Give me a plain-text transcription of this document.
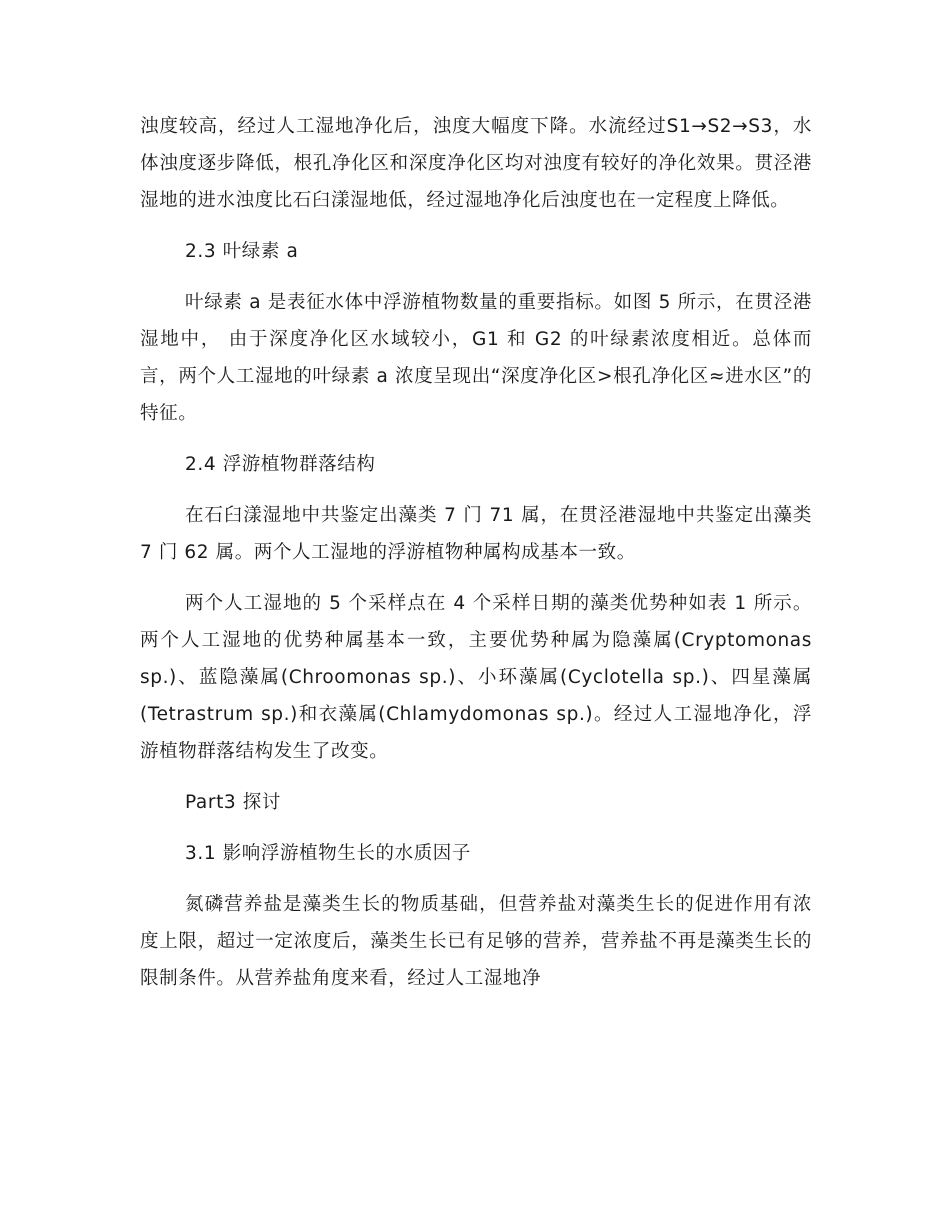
浊度较高，经过人工湿地净化后，浊度大幅度下降。水流经过S1→S2→S3，水体浊度逐步降低，根孔净化区和深度净化区均对浊度有较好的净化效果。贯泾港湿地的进水浊度比石臼漾湿地低，经过湿地净化后浊度也在一定程度上降低。

2.3 叶绿素 a

叶绿素 a 是表征水体中浮游植物数量的重要指标。如图 5 所示，在贯泾港湿地中， 由于深度净化区水域较小，G1 和 G2 的叶绿素浓度相近。总体而言，两个人工湿地的叶绿素 a 浓度呈现出“深度净化区>根孔净化区≈进水区”的特征。

2.4 浮游植物群落结构

在石臼漾湿地中共鉴定出藻类 7 门 71 属，在贯泾港湿地中共鉴定出藻类 7 门 62 属。两个人工湿地的浮游植物种属构成基本一致。

两个人工湿地的 5 个采样点在 4 个采样日期的藻类优势种如表 1 所示。两个人工湿地的优势种属基本一致，主要优势种属为隐藻属(Cryptomonas sp.)、蓝隐藻属(Chroomonas sp.)、小环藻属(Cyclotella sp.)、四星藻属(Tetrastrum sp.)和衣藻属(Chlamydomonas sp.)。经过人工湿地净化，浮游植物群落结构发生了改变。

Part3 探讨

3.1 影响浮游植物生长的水质因子

氮磷营养盐是藻类生长的物质基础，但营养盐对藻类生长的促进作用有浓度上限，超过一定浓度后，藻类生长已有足够的营养，营养盐不再是藻类生长的限制条件。从营养盐角度来看，经过人工湿地净
